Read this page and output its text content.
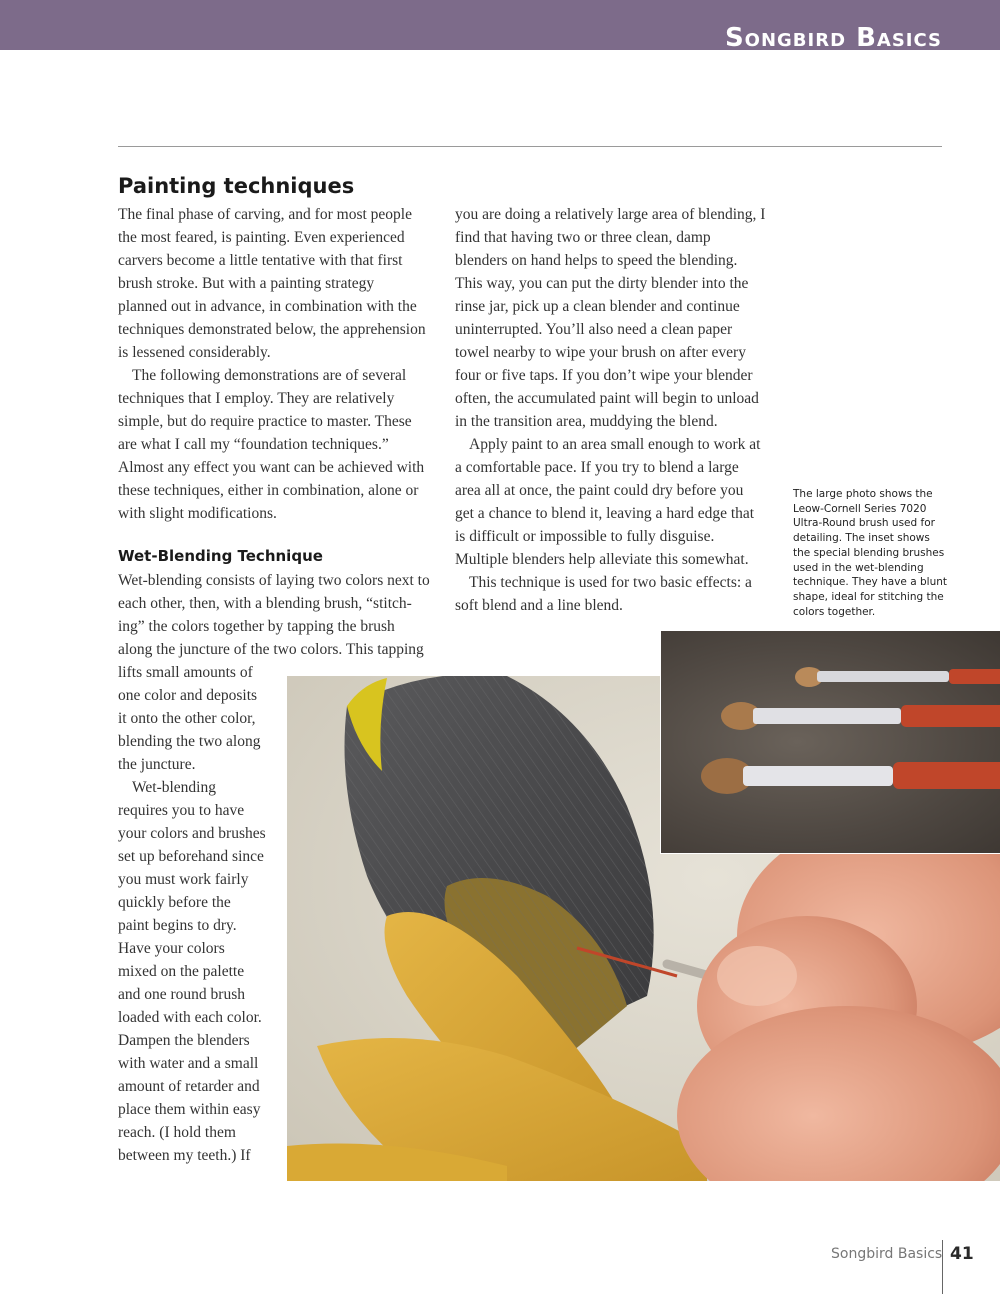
Songbird Basics
Painting techniques
The final phase of carving, and for most people
the most feared, is painting. Even experienced
carvers become a little tentative with that first
brush stroke. But with a painting strategy
planned out in advance, in combination with the
techniques demonstrated below, the apprehension
is lessened considerably.
The following demonstrations are of several
techniques that I employ. They are relatively
simple, but do require practice to master. These
are what I call my “foundation techniques.”
Almost any effect you want can be achieved with
these techniques, either in combination, alone or
with slight modifications.
Wet-Blending Technique
Wet-blending consists of laying two colors next to
each other, then, with a blending brush, “stitch-
ing” the colors together by tapping the brush
along the juncture of the two colors. This tapping
lifts small amounts of
one color and deposits
it onto the other color,
blending the two along
the juncture.
Wet-blending
requires you to have
your colors and brushes
set up beforehand since
you must work fairly
quickly before the
paint begins to dry.
Have your colors
mixed on the palette
and one round brush
loaded with each color.
Dampen the blenders
with water and a small
amount of retarder and
place them within easy
reach. (I hold them
between my teeth.) If
you are doing a relatively large area of blending, I
find that having two or three clean, damp
blenders on hand helps to speed the blending.
This way, you can put the dirty blender into the
rinse jar, pick up a clean blender and continue
uninterrupted. You’ll also need a clean paper
towel nearby to wipe your brush on after every
four or five taps. If you don’t wipe your blender
often, the accumulated paint will begin to unload
in the transition area, muddying the blend.
Apply paint to an area small enough to work at
a comfortable pace. If you try to blend a large
area all at once, the paint could dry before you
get a chance to blend it, leaving a hard edge that
is difficult or impossible to fully disguise.
Multiple blenders help alleviate this somewhat.
This technique is used for two basic effects: a
soft blend and a line blend.
The large photo shows the
Leow-Cornell Series 7020
Ultra-Round brush used for
detailing. The inset shows
the special blending brushes
used in the wet-blending
technique. They have a blunt
shape, ideal for stitching the
colors together.
Songbird Basics 41
